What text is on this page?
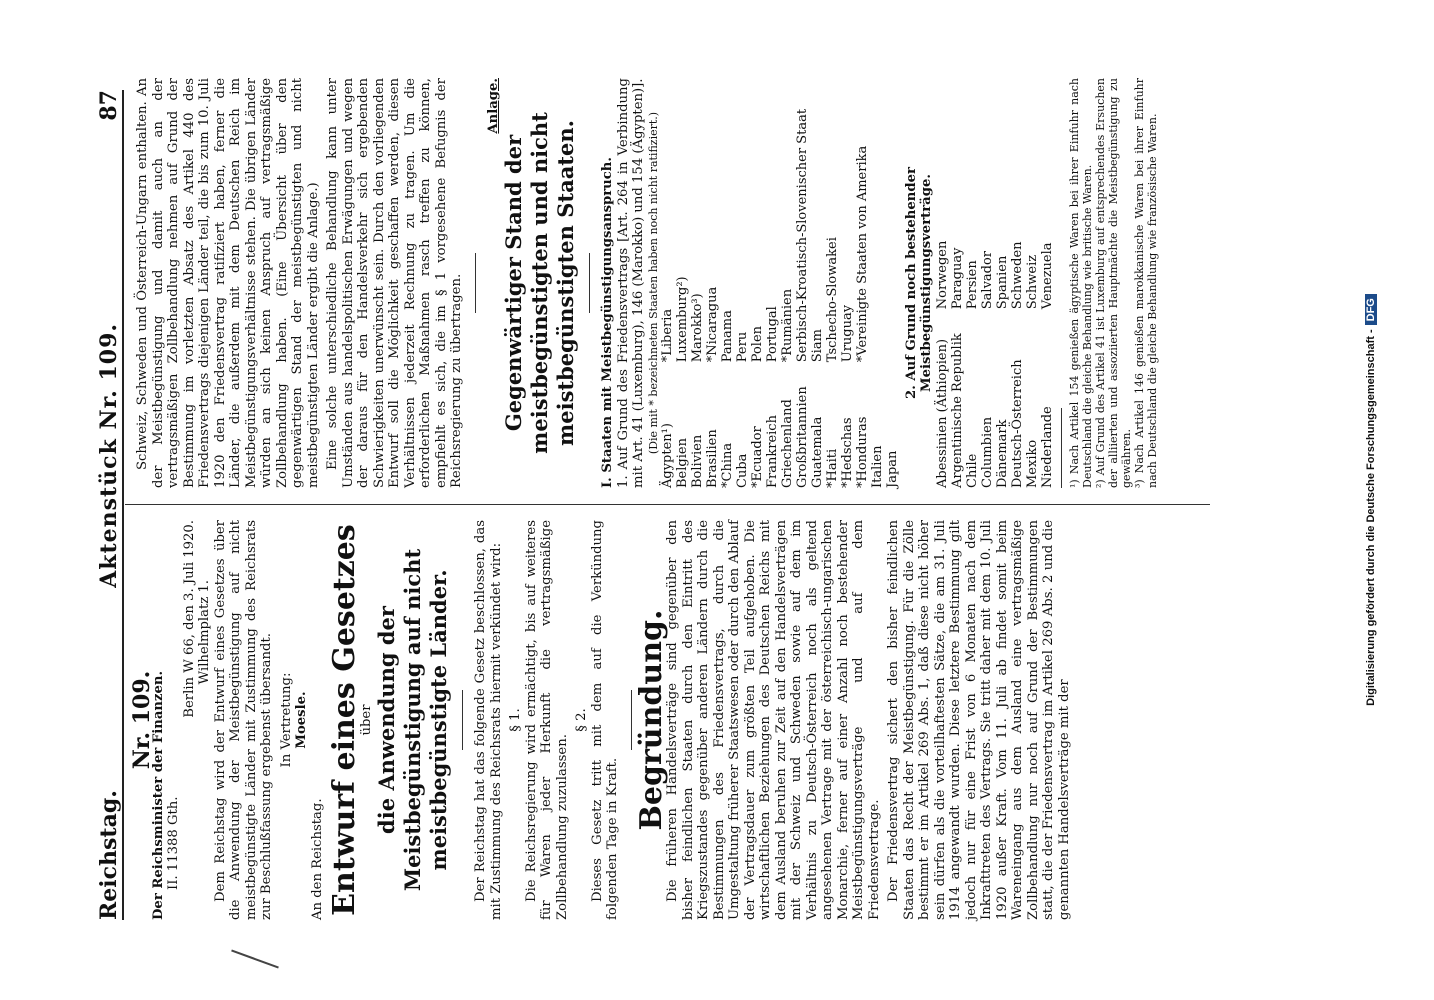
Reichstag.
Aktenstück Nr. 109.
87
Nr. 109.
Der Reichsminister der Finanzen. II. 11388 Gth.
Berlin W 66, den 3. Juli 1920. Wilhelmplatz 1. Dem Reichstag wird der Entwurf eines Gesetzes über die Anwendung der Meistbegünstigung auf nicht meistbegünstigte Länder mit Zustimmung des Reichsrats zur Beschlußfassung ergebenst übersandt. In Vertretung: Moesle.
An den Reichstag. Entwurf eines Gesetzes
über die Anwendung der Meistbegünstigung auf nicht meistbegünstigte Länder. Der Reichstag hat das folgende Gesetz beschlossen, das mit Zustimmung des Reichsrats hiermit verkündet wird: § 1. Die Reichsregierung wird ermächtigt, bis auf weiteres für Waren jeder Herkunft die vertragsmäßige Zollbehandlung zuzulassen.

§ 2. Dieses Gesetz tritt mit dem auf die Verkündung folgenden Tage in Kraft.

Begründung.

Die früheren Handelsverträge sind gegenüber den bisher feindlichen Staaten durch den Eintritt des Kriegszustandes gegenüber anderen Ländern durch die Bestimmungen des Friedensvertrags, durch die Umgestaltung früherer Staatswesen oder durch den Ablauf der Vertragsdauer zum größten Teil aufgehoben. Die wirtschaftlichen Beziehungen des Deutschen Reichs mit dem Ausland beruhen zur Zeit auf den Handelsverträgen mit der Schweiz und Schweden sowie auf dem im Verhältnis zu Deutsch-Österreich noch als geltend angesehenen Vertrage mit der österreichisch-ungarischen Monarchie, ferner auf einer Anzahl noch bestehender Meistbegünstigungsverträge und auf dem Friedensvertrage. Der Friedensvertrag sichert den bisher feindlichen Staaten das Recht der Meistbegünstigung. Für die Zölle bestimmt er im Artikel 269 Abs. 1, daß diese nicht höher sein dürfen als die vorteilhaftesten Sätze, die am 31. Juli 1914 angewandt wurden. Diese letztere Bestimmung gilt jedoch nur für eine Frist von 6 Monaten nach dem Inkrafttreten des Vertrags. Sie tritt daher mit dem 10. Juli 1920 außer Kraft. Vom 11. Juli ab findet somit beim Wareneingang aus dem Ausland eine vertragsmäßige Zollbehandlung nur noch auf Grund der Bestimmungen statt, die der Friedensvertrag im Artikel 269 Abs. 2 und die genannten Handelsverträge mit der

Schweiz, Schweden und Österreich-Ungarn enthalten. An der Meistbegünstigung und damit auch an der vertragsmäßigen Zollbehandlung nehmen auf Grund der Bestimmung im vorletzten Absatz des Artikel 440 des Friedensvertrags diejenigen Länder teil, die bis zum 10. Juli 1920 den Friedensvertrag ratifiziert haben, ferner die Länder, die außerdem mit dem Deutschen Reich im Meistbegünstigungsverhältnisse stehen. Die übrigen Länder würden an sich keinen Anspruch auf vertragsmäßige Zollbehandlung haben. (Eine Übersicht über den gegenwärtigen Stand der meistbegünstigten und nicht meistbegünstigten Länder ergibt die Anlage.) Eine solche unterschiedliche Behandlung kann unter Umständen aus handelspolitischen Erwägungen und wegen der daraus für den Handelsverkehr sich ergebenden Schwierigkeiten unerwünscht sein. Durch den vorliegenden Entwurf soll die Möglichkeit geschaffen werden, diesen Verhältnissen jederzeit Rechnung zu tragen. Um die erforderlichen Maßnahmen rasch treffen zu können, empfiehlt es sich, die im § 1 vorgesehene Befugnis der Reichsregierung zu übertragen.

Anlage.
Gegenwärtiger Stand der meistbegünstigten und nicht meistbegünstigten Staaten. I. Staaten mit Meistbegünstigungsanspruch. 1. Auf Grund des Friedensvertrags [Art. 264 in Verbindung mit Art. 41 (Luxemburg), 146 (Marokko) und 154 (Ägypten)]. (Die mit * bezeichneten Staaten haben noch nicht ratifiziert.)
Ägypten¹) Belgien Bolivien Brasilien *China Cuba *Ecuador Frankreich Griechenland Großbritannien Guatemala *Haiti *Hedschas *Honduras Italien Japan
*Liberia Luxemburg²) Marokko³) *Nicaragua Panama Peru Polen Portugal *Rumänien Serbisch-Kroatisch-Slovenischer Staat Siam Tschecho-Slowakei Uruguay *Vereinigte Staaten von Amerika	2. Auf Grund noch bestehender Meistbegünstigungsverträge.
Abessinien (Äthiopien) Argentinische Republik Chile Columbien Dänemark Deutsch-Österreich Mexiko Niederlande
Norwegen Paraguay Persien Salvador Spanien Schweden Schweiz Venezuela ¹) Nach Artikel 154 genießen ägyptische Waren bei ihrer Einfuhr nach Deutschland die gleiche Behandlung wie britische Waren. ²) Auf Grund des Artikel 41 ist Luxemburg auf entsprechendes Ersuchen der alliierten und assoziierten Hauptmächte die Meistbegünstigung zu gewähren. ³) Nach Artikel 146 genießen marokkanische Waren bei ihrer Einfuhr nach Deutschland die gleiche Behandlung wie französische Waren.
Digitalisierung gefördert durch die Deutsche Forschungsgemeinschaft -DFG
